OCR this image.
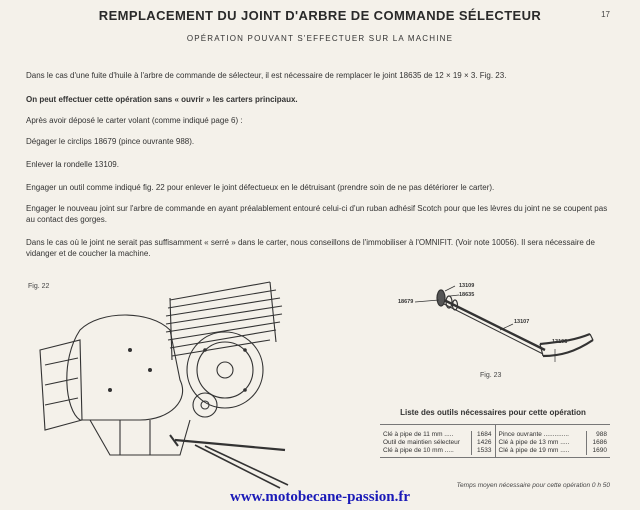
REMPLACEMENT DU JOINT D'ARBRE DE COMMANDE SÉLECTEUR	17
OPÉRATION POUVANT S'EFFECTUER SUR LA MACHINE

Dans le cas d'une fuite d'huile à l'arbre de commande de sélecteur, il est nécessaire de remplacer le joint 18635 de 12 × 19 × 3. Fig. 23.

On peut effectuer cette opération sans « ouvrir » les carters principaux.

Après avoir déposé le carter volant (comme indiqué page 6) :

Dégager le circlips 18679 (pince ouvrante 988).

Enlever la rondelle 13109.

Engager un outil comme indiqué fig. 22 pour enlever le joint défectueux en le détruisant (prendre soin de ne pas détériorer le carter).

Engager le nouveau joint sur l'arbre de commande en ayant préalablement entouré celui-ci d'un ruban adhésif Scotch pour que les lèvres du joint ne se coupent pas au contact des gorges.

Dans le cas où le joint ne serait pas suffisamment « serré » dans le carter, nous conseillons de l'immobiliser à l'OMNIFIT. (Voir note 10056). Il sera nécessaire de vidanger et de coucher la machine.

Fig. 22	13109
18635
18679
13107
13108
Fig. 23
Liste des outils nécessaires pour cette opération
Clé à pipe de 11 mm .....	1684
Outil de maintien sélecteur	1426
Clé à pipe de 10 mm .....	1533
Pince ouvrante ..............	988
Clé à pipe de 13 mm .....	1686
Clé à pipe de 19 mm .....	1690
Temps moyen nécessaire pour cette opération 0 h 50
www.motobecane-passion.fr
